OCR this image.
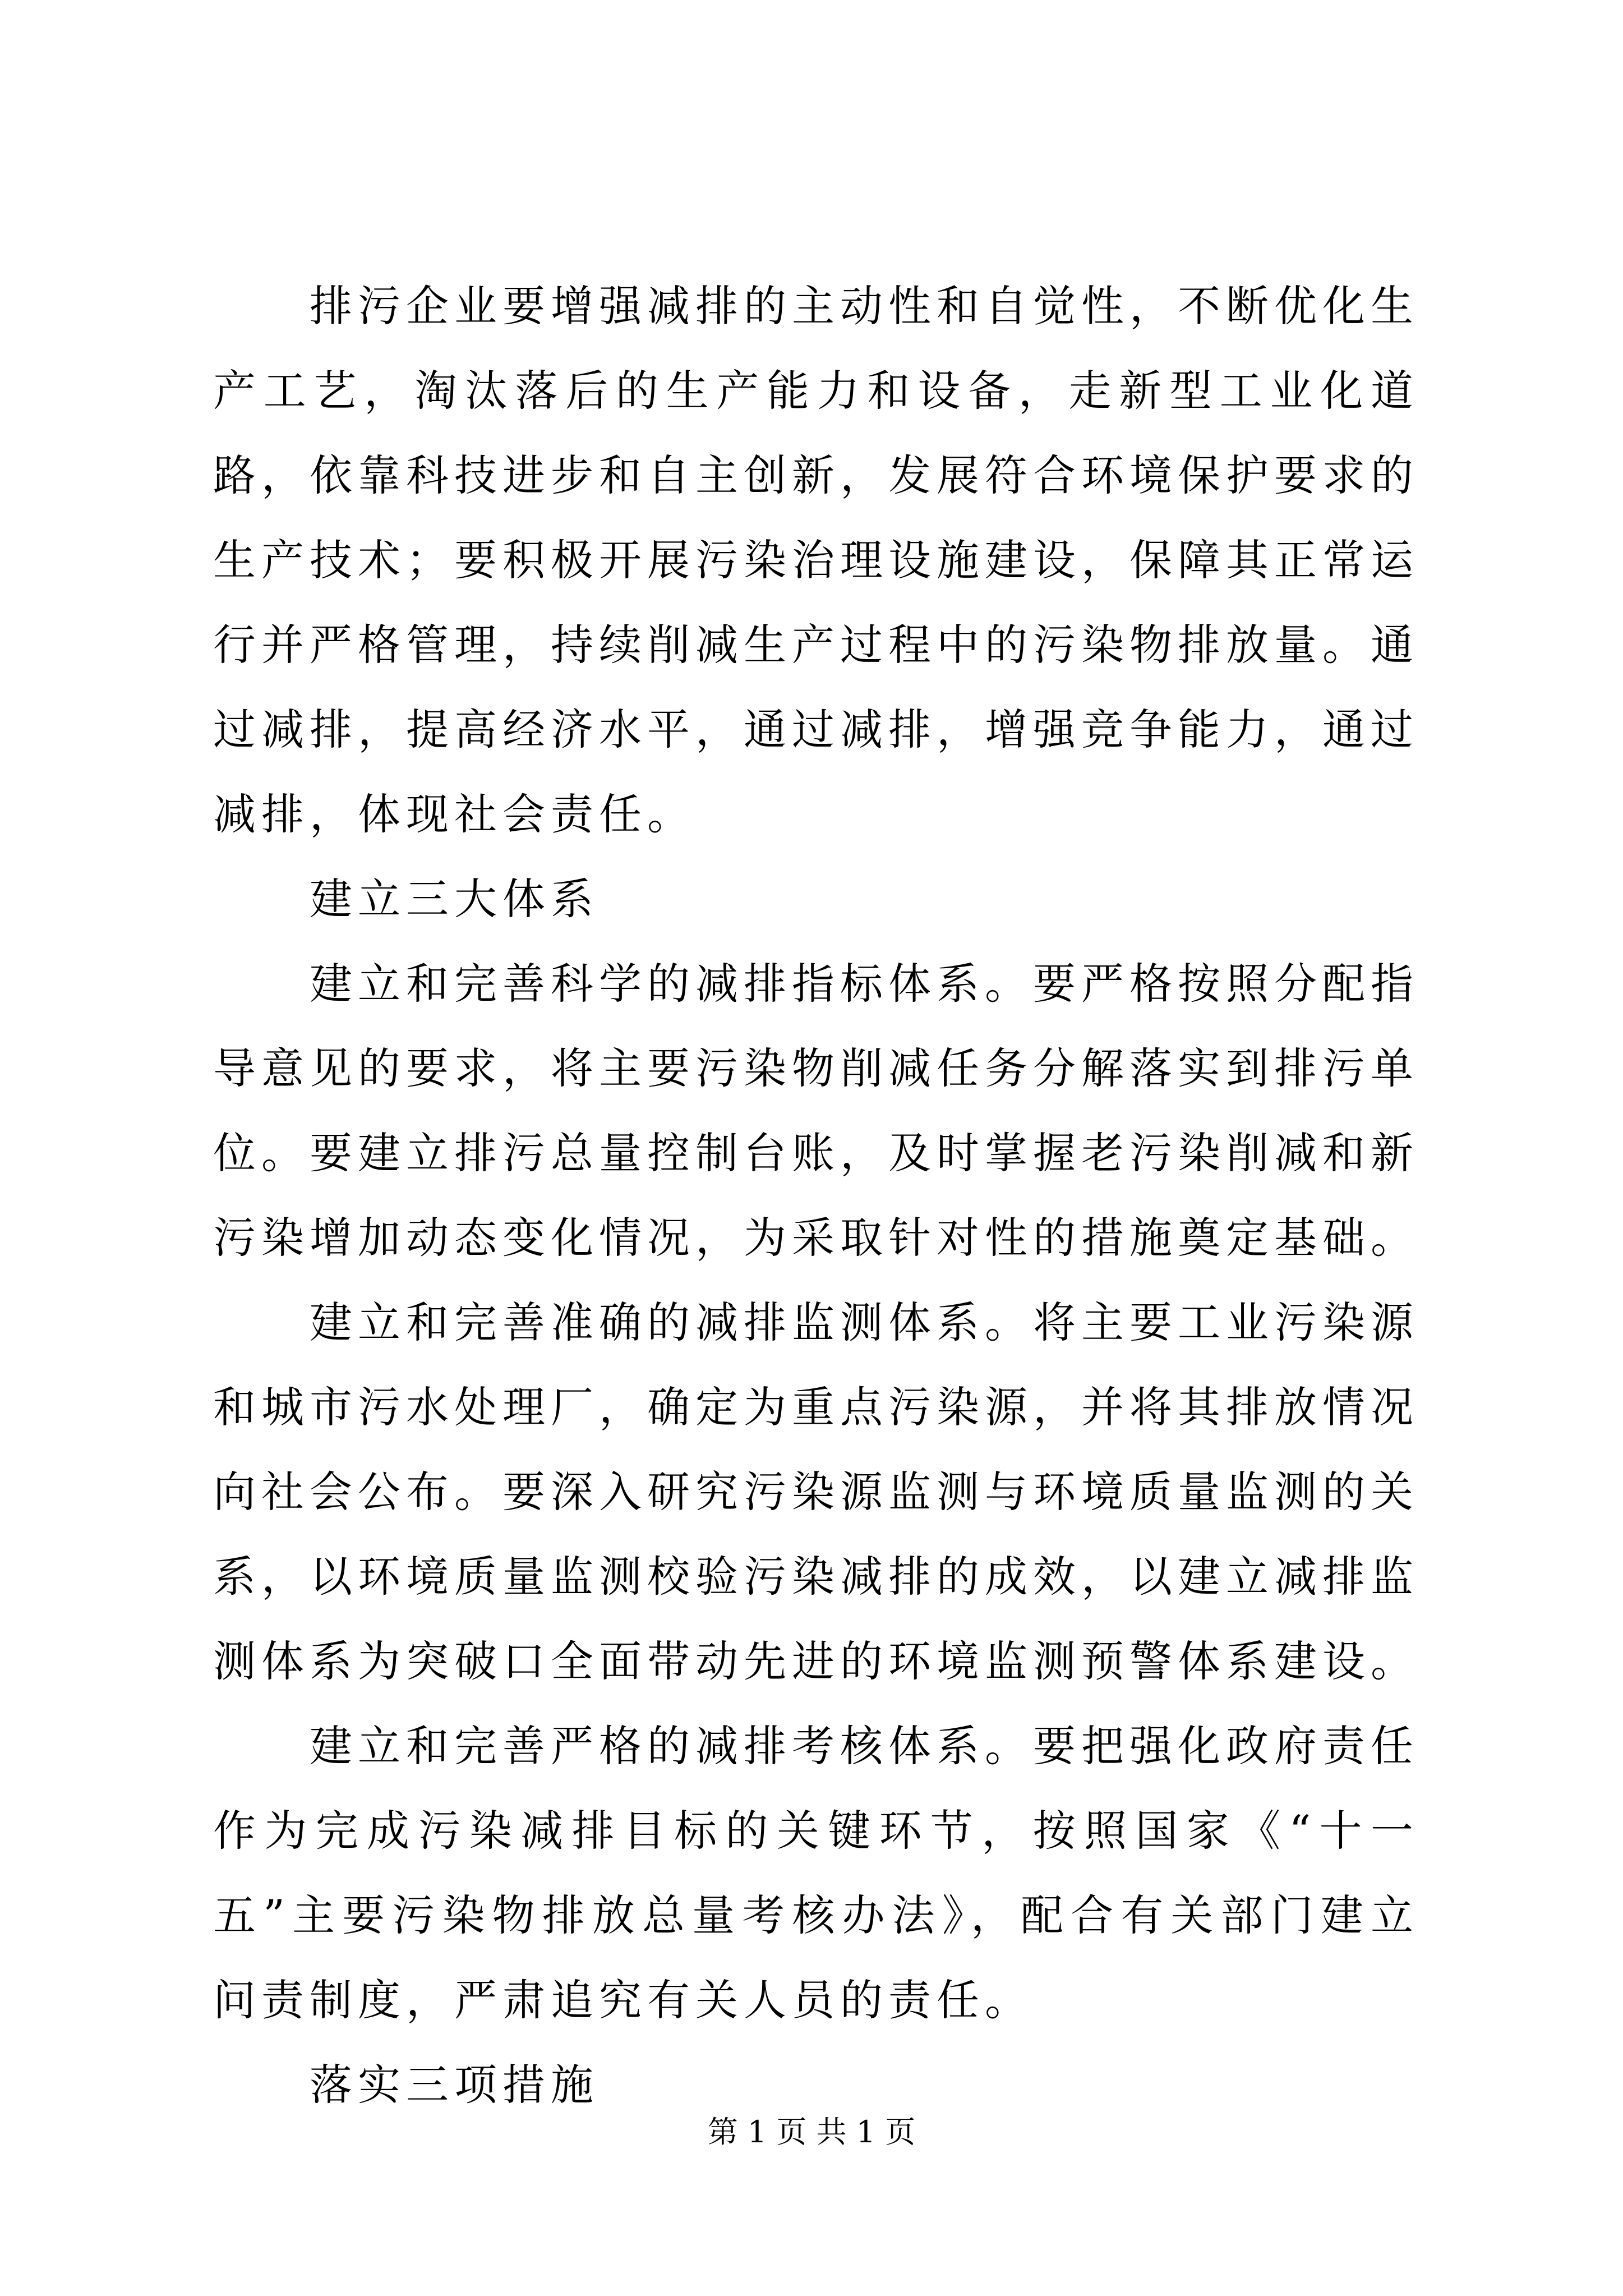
排污企业要增强减排的主动性和自觉性，不断优化生产工艺，淘汰落后的生产能力和设备，走新型工业化道路，依靠科技进步和自主创新，发展符合环境保护要求的生产技术；要积极开展污染治理设施建设，保障其正常运行并严格管理，持续削减生产过程中的污染物排放量。通过减排，提高经济水平，通过减排，增强竞争能力，通过减排，体现社会责任。

建立三大体系

建立和完善科学的减排指标体系。要严格按照分配指导意见的要求，将主要污染物削减任务分解落实到排污单位。要建立排污总量控制台账，及时掌握老污染削减和新污染增加动态变化情况，为采取针对性的措施奠定基础。

建立和完善准确的减排监测体系。将主要工业污染源和城市污水处理厂，确定为重点污染源，并将其排放情况向社会公布。要深入研究污染源监测与环境质量监测的关系，以环境质量监测校验污染减排的成效，以建立减排监测体系为突破口全面带动先进的环境监测预警体系建设。

建立和完善严格的减排考核体系。要把强化政府责任作为完成污染减排目标的关键环节，按照国家《“十一五”主要污染物排放总量考核办法》，配合有关部门建立问责制度，严肃追究有关人员的责任。

落实三项措施

第 1 页 共 1 页
